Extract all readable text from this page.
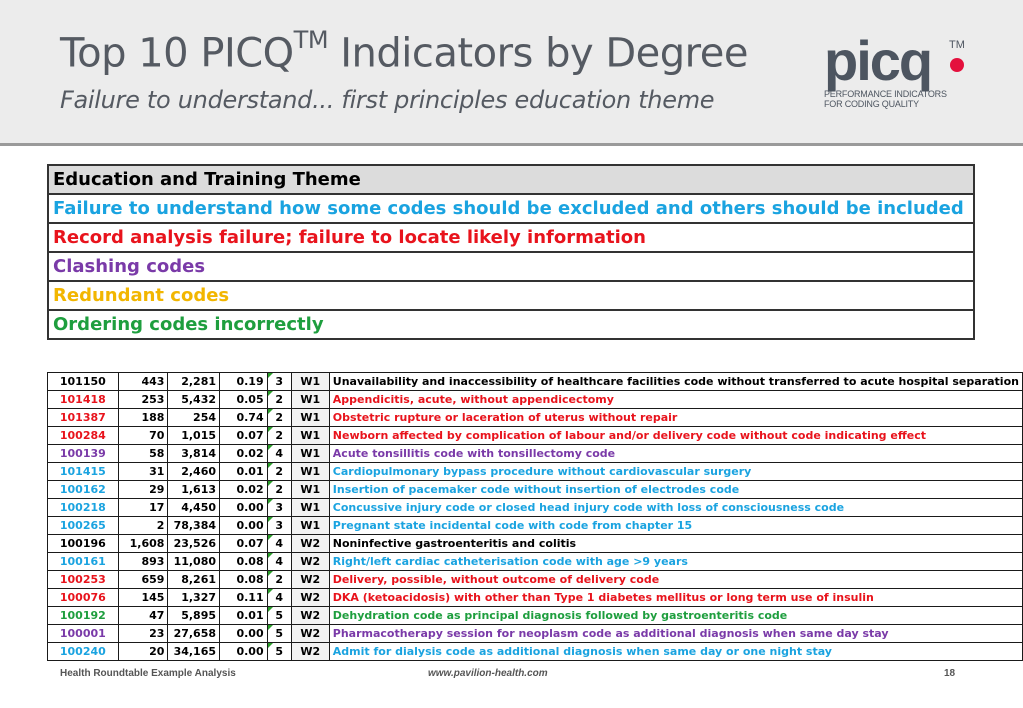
Top 10 PICQ™ Indicators by Degree
Failure to understand... first principles education theme
picq TM
PERFORMANCE INDICATORS
FOR CODING QUALITY
Education and Training Theme
Failure to understand how some codes should be excluded and others should be included
Record analysis failure; failure to locate likely information
Clashing codes
Redundant codes
Ordering codes incorrectly
101150	443	2,281	0.19	3	W1	Unavailability and inaccessibility of healthcare facilities code without transferred to acute hospital separation
101418	253	5,432	0.05	2	W1	Appendicitis, acute, without appendicectomy
101387	188	254	0.74	2	W1	Obstetric rupture or laceration of uterus without repair
100284	70	1,015	0.07	2	W1	Newborn affected by complication of labour and/or delivery code without code indicating effect
100139	58	3,814	0.02	4	W1	Acute tonsillitis code with tonsillectomy code
101415	31	2,460	0.01	2	W1	Cardiopulmonary bypass procedure without cardiovascular surgery
100162	29	1,613	0.02	2	W1	Insertion of pacemaker code without insertion of electrodes code
100218	17	4,450	0.00	3	W1	Concussive injury code or closed head injury code with loss of consciousness code
100265	2	78,384	0.00	3	W1	Pregnant state incidental code with code from chapter 15
100196	1,608	23,526	0.07	4	W2	Noninfective gastroenteritis and colitis
100161	893	11,080	0.08	4	W2	Right/left cardiac catheterisation code with age >9 years
100253	659	8,261	0.08	2	W2	Delivery, possible, without outcome of delivery code
100076	145	1,327	0.11	4	W2	DKA (ketoacidosis) with other than Type 1 diabetes mellitus or long term use of insulin
100192	47	5,895	0.01	5	W2	Dehydration code as principal diagnosis followed by gastroenteritis code
100001	23	27,658	0.00	5	W2	Pharmacotherapy session for neoplasm code as additional diagnosis when same day stay
100240	20	34,165	0.00	5	W2	Admit for dialysis code as additional diagnosis when same day or one night stay
Health Roundtable Example Analysis	www.pavilion-health.com	18
